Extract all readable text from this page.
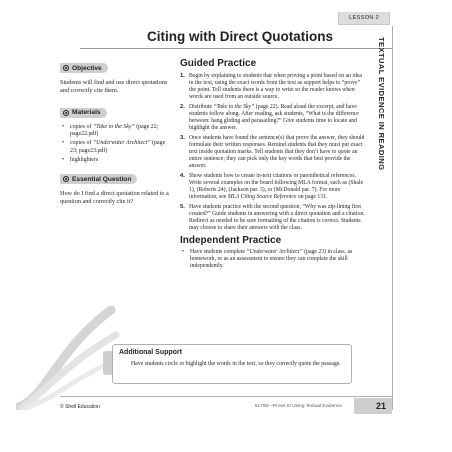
LESSON 2
Citing with Direct Quotations
TEXTUAL EVIDENCE IN READING
Objective

Students will find and use direct quotations and correctly cite them.

Materials
• copies of “Take to the Sky” (page 22; page22.pdf)
• copies of “Underwater Architect” (page 23; page23.pdf)
• highlighters
Essential Question

How do I find a direct quotation related to a question and correctly cite it?

Guided Practice
1. Begin by explaining to students that when proving a point based on an idea in the text, using the exact words from the text as support helps to “prove” the point. Tell students there is a way to write so the reader knows when words are used from an outside source.
2. Distribute “Take to the Sky” (page 22). Read aloud the excerpt, and have students follow along. After reading, ask students, “What is the difference between: hang gliding and parasailing?” Give students time to locate and highlight the answer.
3. Once students have found the sentence(s) that prove the answer, they should formulate their written responses. Remind students that they must put exact text inside quotation marks. Tell students that they don’t have to quote an entire sentence; they can pick only the key words that best provide the answer.
4. Show students how to create in-text citations or parenthetical references. Write several examples on the board following MLA format, such as (Shale 1), (Roberts 24), (Jackson par. 3), or (McDonald par. 7). For more information, see MLA Citing Source Reference on page 131.
5. Have students practice with the second question, “Why was zip-lining first created?” Guide students in answering with a direct quotation and a citation. Redirect as needed to be sure formatting of the citation is correct. Students may choose to share their answers with the class.
Independent Practice
• Have students complete “Underwater Architect” (page 23) in class, as homework, or as an assessment to ensure they can complete the skill independently.
Additional Support
Have students circle or highlight the words in the text, so they correctly quote the passage.
© Shell Education	51790—Prove It! Using Textual Evidence	21
